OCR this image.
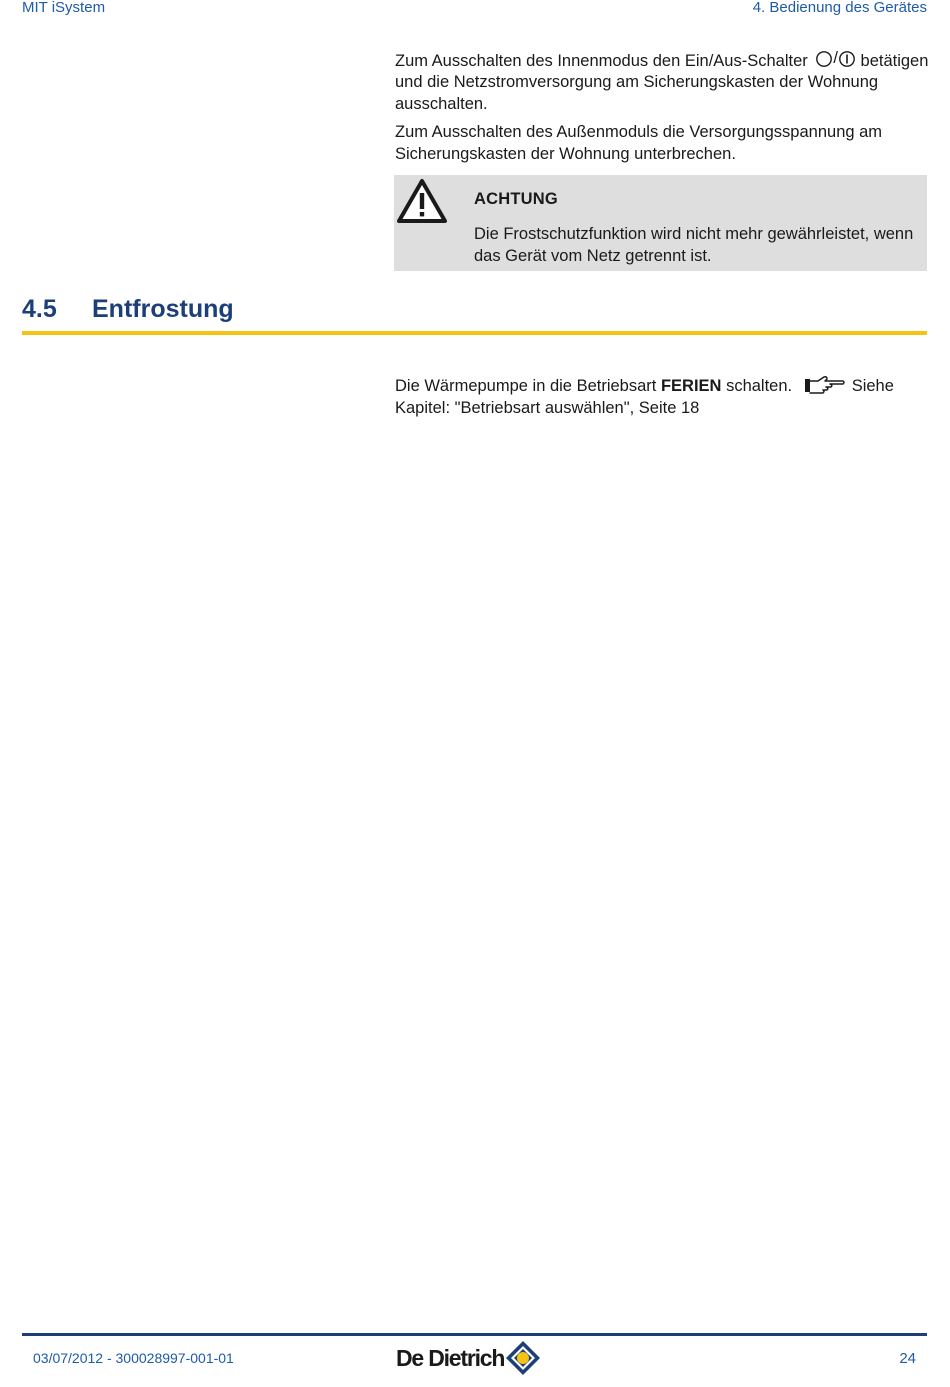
MIT iSystem	4. Bedienung des Gerätes
Zum Ausschalten des Innenmodus den Ein/Aus-Schalter / betätigen und die Netzstromversorgung am Sicherungskasten der Wohnung ausschalten.
Zum Ausschalten des Außenmoduls die Versorgungsspannung am Sicherungskasten der Wohnung unterbrechen.
ACHTUNG
Die Frostschutzfunktion wird nicht mehr gewährleistet, wenn das Gerät vom Netz getrennt ist.
4.5 Entfrostung
Die Wärmepumpe in die Betriebsart FERIEN schalten.	Siehe
Kapitel: "Betriebsart auswählen", Seite 18
03/07/2012 - 300028997-001-01	De Dietrich	24
